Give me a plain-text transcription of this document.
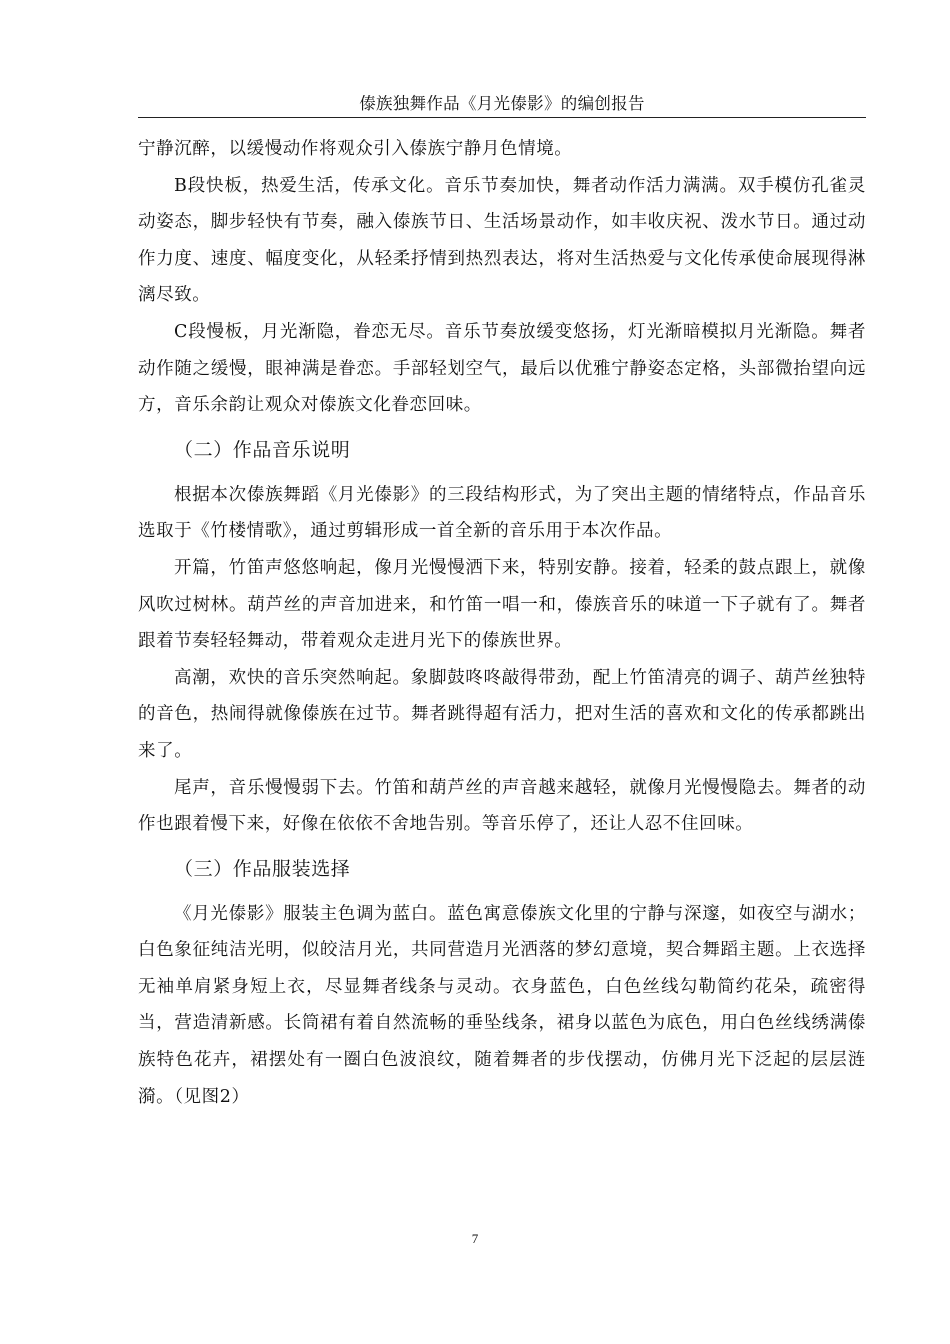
傣族独舞作品《月光傣影》的编创报告

宁静沉醉，以缓慢动作将观众引入傣族宁静月色情境。

B段快板，热爱生活，传承文化。音乐节奏加快，舞者动作活力满满。双手模仿孔雀灵动姿态，脚步轻快有节奏，融入傣族节日、生活场景动作，如丰收庆祝、泼水节日。通过动作力度、速度、幅度变化，从轻柔抒情到热烈表达，将对生活热爱与文化传承使命展现得淋漓尽致。

C段慢板，月光渐隐，眷恋无尽。音乐节奏放缓变悠扬，灯光渐暗模拟月光渐隐。舞者动作随之缓慢，眼神满是眷恋。手部轻划空气，最后以优雅宁静姿态定格，头部微抬望向远方，音乐余韵让观众对傣族文化眷恋回味。

（二）作品音乐说明

根据本次傣族舞蹈《月光傣影》的三段结构形式，为了突出主题的情绪特点，作品音乐选取于《竹楼情歌》，通过剪辑形成一首全新的音乐用于本次作品。

开篇，竹笛声悠悠响起，像月光慢慢洒下来，特别安静。接着，轻柔的鼓点跟上，就像风吹过树林。葫芦丝的声音加进来，和竹笛一唱一和，傣族音乐的味道一下子就有了。舞者跟着节奏轻轻舞动，带着观众走进月光下的傣族世界。

高潮，欢快的音乐突然响起。象脚鼓咚咚敲得带劲，配上竹笛清亮的调子、葫芦丝独特的音色，热闹得就像傣族在过节。舞者跳得超有活力，把对生活的喜欢和文化的传承都跳出来了。

尾声，音乐慢慢弱下去。竹笛和葫芦丝的声音越来越轻，就像月光慢慢隐去。舞者的动作也跟着慢下来，好像在依依不舍地告别。等音乐停了，还让人忍不住回味。

（三）作品服装选择

《月光傣影》服装主色调为蓝白。蓝色寓意傣族文化里的宁静与深邃，如夜空与湖水；白色象征纯洁光明，似皎洁月光，共同营造月光洒落的梦幻意境，契合舞蹈主题。上衣选择无袖单肩紧身短上衣，尽显舞者线条与灵动。衣身蓝色，白色丝线勾勒简约花朵，疏密得当，营造清新感。长筒裙有着自然流畅的垂坠线条，裙身以蓝色为底色，用白色丝线绣满傣族特色花卉，裙摆处有一圈白色波浪纹，随着舞者的步伐摆动，仿佛月光下泛起的层层涟漪。（见图2）

7
